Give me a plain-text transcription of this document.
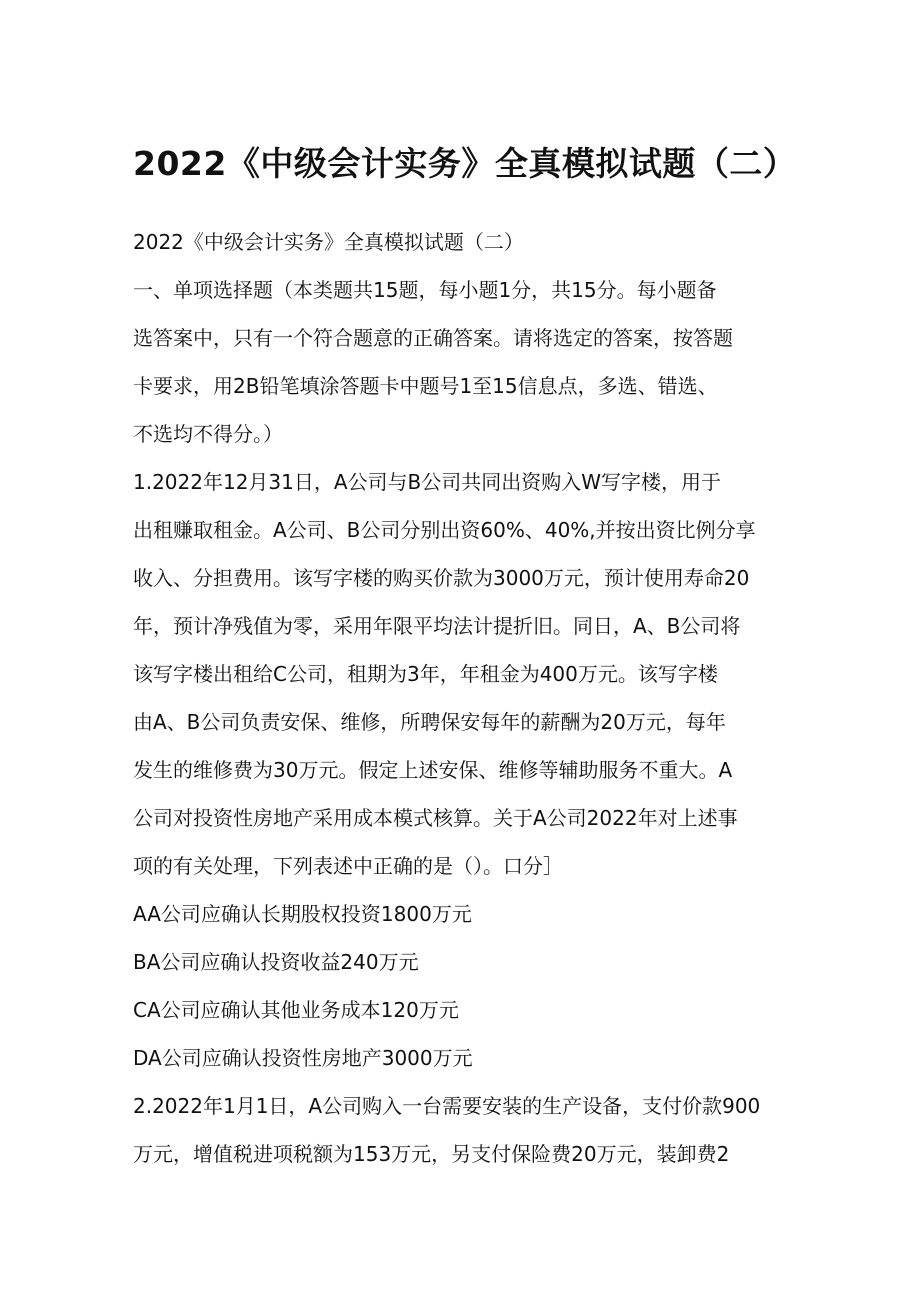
2022《中级会计实务》全真模拟试题（二）

2022《中级会计实务》全真模拟试题（二）

一、单项选择题（本类题共15题，每小题1分，共15分。每小题备

选答案中，只有一个符合题意的正确答案。请将选定的答案，按答题

卡要求，用2B铅笔填涂答题卡中题号1至15信息点，多选、错选、

不选均不得分。）

1.2022年12月31日，A公司与B公司共同出资购入W写字楼，用于

出租赚取租金。A公司、B公司分别出资60%、40%,并按出资比例分享

收入、分担费用。该写字楼的购买价款为3000万元，预计使用寿命20

年，预计净残值为零，采用年限平均法计提折旧。同日，A、B公司将

该写字楼出租给C公司，租期为3年，年租金为400万元。该写字楼

由A、B公司负责安保、维修，所聘保安每年的薪酬为20万元，每年

发生的维修费为30万元。假定上述安保、维修等辅助服务不重大。A

公司对投资性房地产采用成本模式核算。关于A公司2022年对上述事

项的有关处理，下列表述中正确的是（）。口分］

AA公司应确认长期股权投资1800万元

BA公司应确认投资收益240万元

CA公司应确认其他业务成本120万元

DA公司应确认投资性房地产3000万元

2.2022年1月1日，A公司购入一台需要安装的生产设备，支付价款900

万元，增值税进项税额为153万元，另支付保险费20万元，装卸费2
